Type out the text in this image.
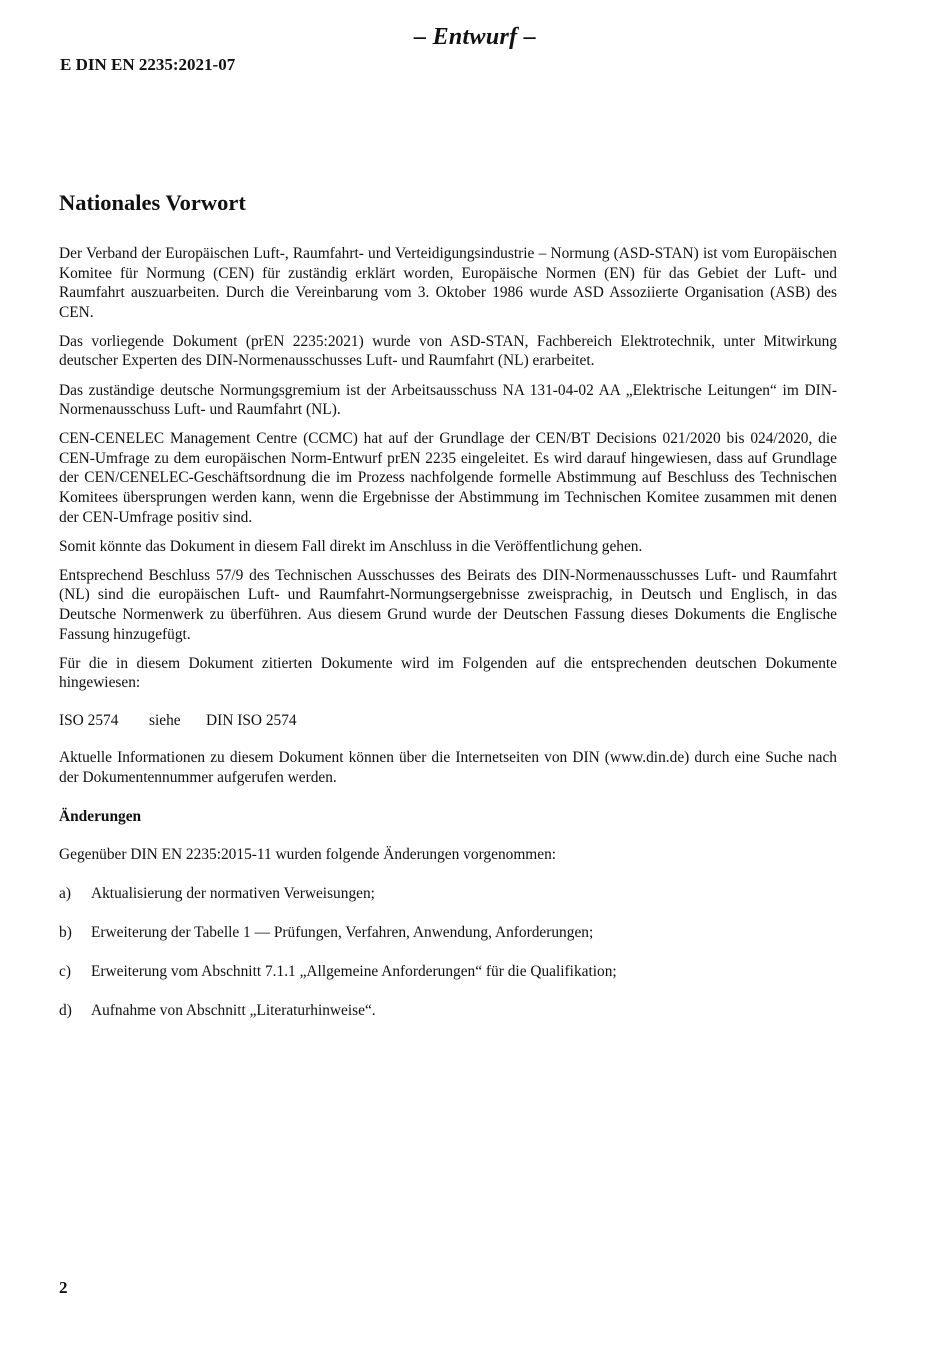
– Entwurf –
E DIN EN 2235:2021-07
Nationales Vorwort

Der Verband der Europäischen Luft-, Raumfahrt- und Verteidigungsindustrie – Normung (ASD-STAN) ist vom Europäischen Komitee für Normung (CEN) für zuständig erklärt worden, Europäische Normen (EN) für das Gebiet der Luft- und Raumfahrt auszuarbeiten. Durch die Vereinbarung vom 3. Oktober 1986 wurde ASD Assoziierte Organisation (ASB) des CEN.

Das vorliegende Dokument (prEN 2235:2021) wurde von ASD-STAN, Fachbereich Elektrotechnik, unter Mitwirkung deutscher Experten des DIN-Normenausschusses Luft- und Raumfahrt (NL) erarbeitet.

Das zuständige deutsche Normungsgremium ist der Arbeitsausschuss NA 131-04-02 AA „Elektrische Leitungen“ im DIN-Normenausschuss Luft- und Raumfahrt (NL).

CEN-CENELEC Management Centre (CCMC) hat auf der Grundlage der CEN/BT Decisions 021/2020 bis 024/2020, die CEN-Umfrage zu dem europäischen Norm-Entwurf prEN 2235 eingeleitet. Es wird darauf hingewiesen, dass auf Grundlage der CEN/CENELEC-Geschäftsordnung die im Prozess nachfolgende formelle Abstimmung auf Beschluss des Technischen Komitees übersprungen werden kann, wenn die Ergebnisse der Abstimmung im Technischen Komitee zusammen mit denen der CEN-Umfrage positiv sind.

Somit könnte das Dokument in diesem Fall direkt im Anschluss in die Veröffentlichung gehen.

Entsprechend Beschluss 57/9 des Technischen Ausschusses des Beirats des DIN-Normenausschusses Luft- und Raumfahrt (NL) sind die europäischen Luft- und Raumfahrt-Normungsergebnisse zweisprachig, in Deutsch und Englisch, in das Deutsche Normenwerk zu überführen. Aus diesem Grund wurde der Deutschen Fassung dieses Dokuments die Englische Fassung hinzugefügt.

Für die in diesem Dokument zitierten Dokumente wird im Folgenden auf die entsprechenden deutschen Dokumente hingewiesen:

ISO 2574	siehe	DIN ISO 2574

Aktuelle Informationen zu diesem Dokument können über die Internetseiten von DIN (www.din.de) durch eine Suche nach der Dokumentennummer aufgerufen werden.

Änderungen
Gegenüber DIN EN 2235:2015-11 wurden folgende Änderungen vorgenommen:
a)	Aktualisierung der normativen Verweisungen;
b)	Erweiterung der Tabelle 1 — Prüfungen, Verfahren, Anwendung, Anforderungen;
c)	Erweiterung vom Abschnitt 7.1.1 „Allgemeine Anforderungen“ für die Qualifikation;
d)	Aufnahme von Abschnitt „Literaturhinweise“.
2
